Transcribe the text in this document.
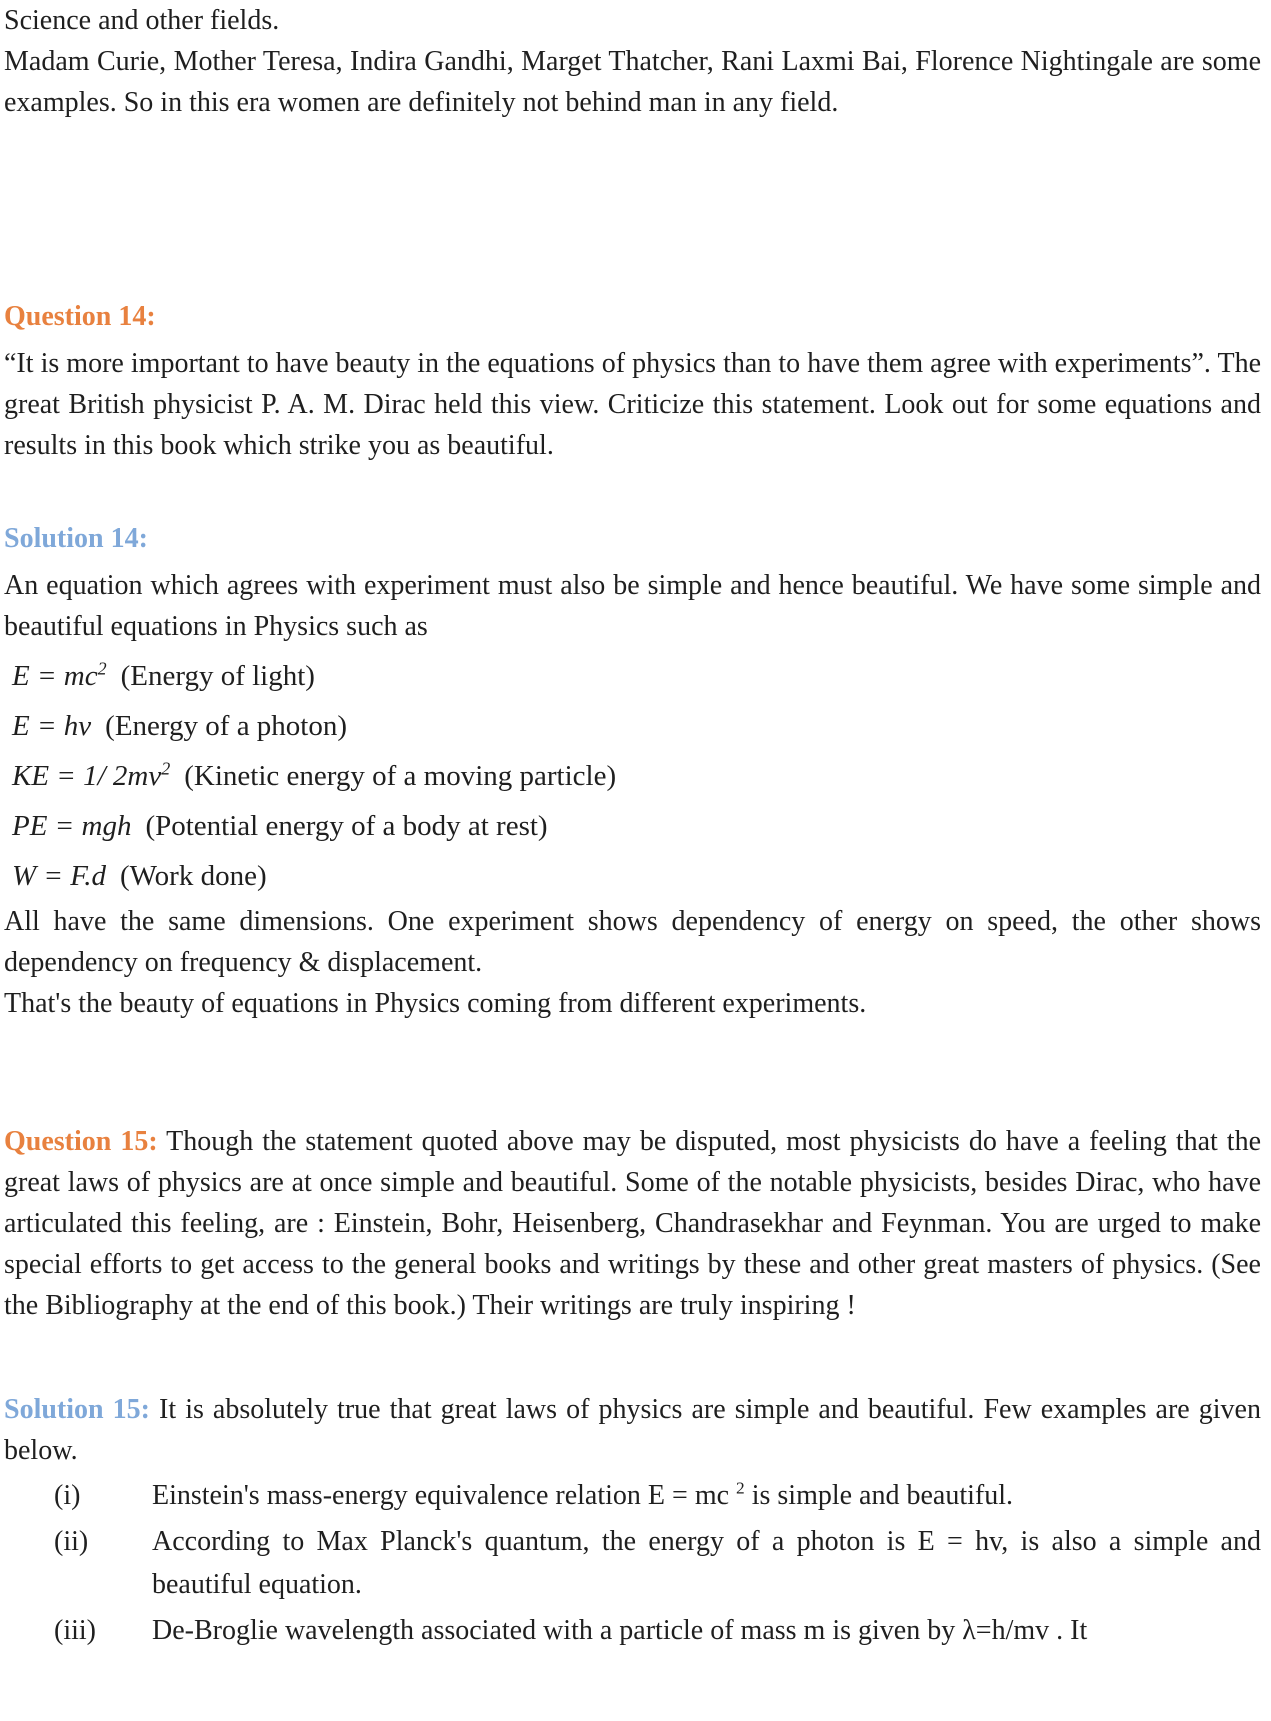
Science and other fields.

Madam Curie, Mother Teresa, Indira Gandhi, Marget Thatcher, Rani Laxmi Bai, Florence Nightingale are some examples. So in this era women are definitely not behind man in any field.

Question 14:

“It is more important to have beauty in the equations of physics than to have them agree with experiments”. The great British physicist P. A. M. Dirac held this view. Criticize this statement. Look out for some equations and results in this book which strike you as beautiful.

Solution 14:

An equation which agrees with experiment must also be simple and hence beautiful. We have some simple and beautiful equations in Physics such as

$E = mc^2$ (Energy of light)

E = hv (Energy of a photon)

KE = 1/ $2mv^2$ (Kinetic energy of a moving particle)

PE = mgh (Potential energy of a body at rest)

W = F.d (Work done)

All have the same dimensions. One experiment shows dependency of energy on speed, the other shows dependency on frequency & displacement.

That's the beauty of equations in Physics coming from different experiments.

Question 15: Though the statement quoted above may be disputed, most physicists do have a feeling that the great laws of physics are at once simple and beautiful. Some of the notable physicists, besides Dirac, who have articulated this feeling, are : Einstein, Bohr, Heisenberg, Chandrasekhar and Feynman. You are urged to make special efforts to get access to the general books and writings by these and other great masters of physics. (See the Bibliography at the end of this book.) Their writings are truly inspiring !

Solution 15: It is absolutely true that great laws of physics are simple and beautiful. Few examples are given below.

(i)	Einstein's mass-energy equivalence relation E = mc $^2$ is simple and beautiful.
(ii) According to Max Planck's quantum, the energy of a photon is E = hv, is also a simple and beautiful equation.
(iii) De-Broglie wavelength associated with a particle of mass m is given by λ=h/mv . It
